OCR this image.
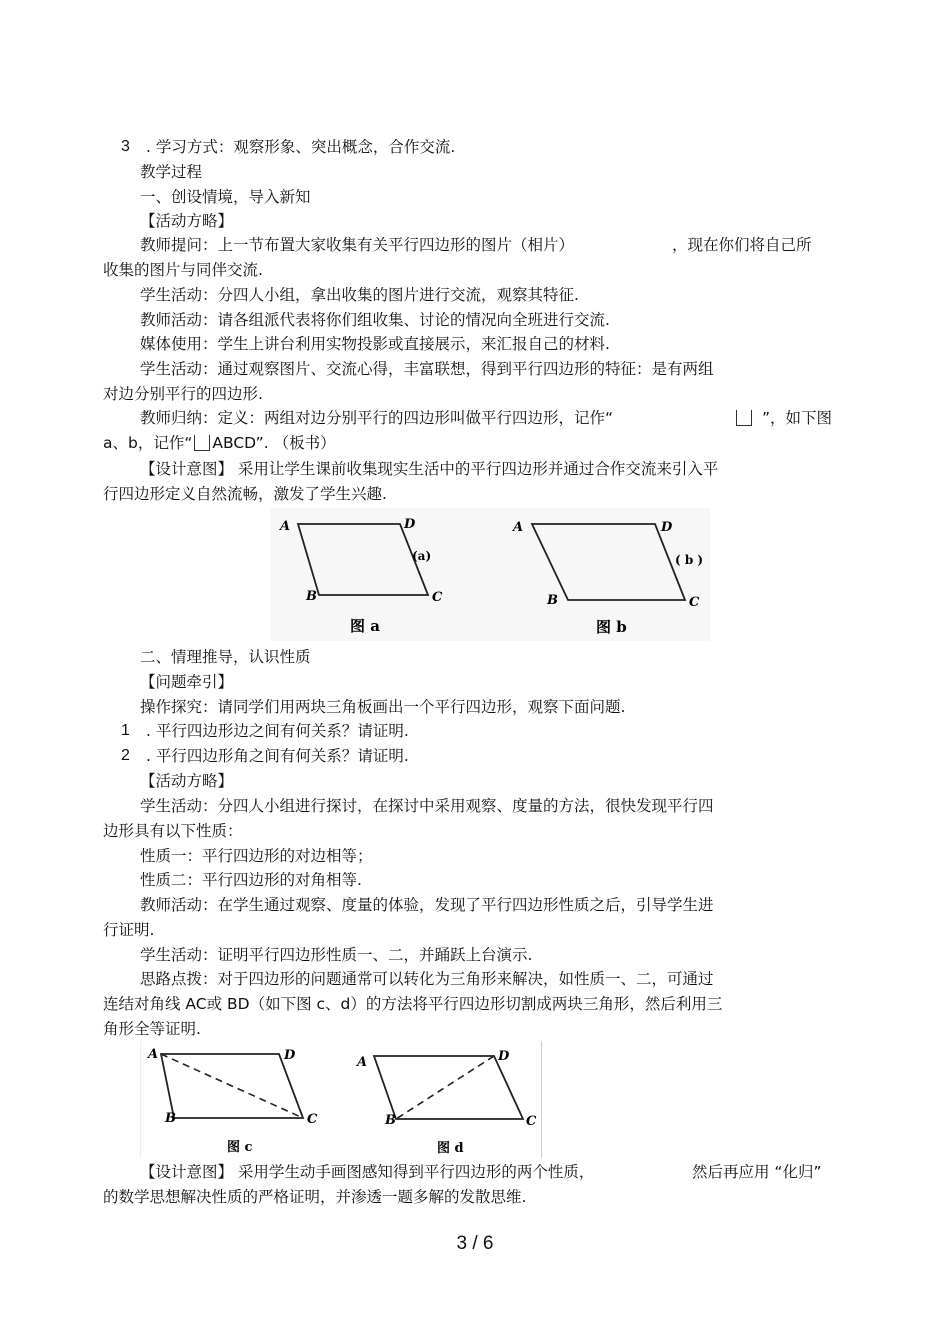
3 . 学习方式：观察形象、突出概念，合作交流.
教学过程
一、创设情境，导入新知
【活动方略】
教师提问：上一节布置大家收集有关平行四边形的图片（相片）	，现在你们将自己所
收集的图片与同伴交流.
学生活动：分四人小组，拿出收集的图片进行交流，观察其特征.
教师活动：请各组派代表将你们组收集、讨论的情况向全班进行交流.
媒体使用：学生上讲台利用实物投影或直接展示，来汇报自己的材料.
学生活动：通过观察图片、交流心得，丰富联想，得到平行四边形的特征：是有两组
对边分别平行的四边形.
教师归纳：定义：两组对边分别平行的四边形叫做平行四边形，记作“	”，如下图
a、b，记作“ ABCD”. （板书）
【设计意图】 采用让学生课前收集现实生活中的平行四边形并通过合作交流来引入平
行四边形定义自然流畅，激发了学生兴趣.
A	D
B	C
(a)
图 a
A	D
B	C
( b )
图 b
二、情理推导，认识性质
【问题牵引】
操作探究：请同学们用两块三角板画出一个平行四边形，观察下面问题.
1 . 平行四边形边之间有何关系？请证明.
2 . 平行四边形角之间有何关系？请证明.
【活动方略】
学生活动：分四人小组进行探讨，在探讨中采用观察、度量的方法，很快发现平行四
边形具有以下性质：
性质一：平行四边形的对边相等；
性质二：平行四边形的对角相等.
教师活动：在学生通过观察、度量的体验，发现了平行四边形性质之后，引导学生进
行证明.
学生活动：证明平行四边形性质一、二，并踊跃上台演示.
思路点拨：对于四边形的问题通常可以转化为三角形来解决，如性质一、二，可通过
连结对角线 AC或 BD（如下图 c、d）的方法将平行四边形切割成两块三角形，然后利用三
角形全等证明.
A	D
B	C
图 c
A	D
B	C
图 d
【设计意图】 采用学生动手画图感知得到平行四边形的两个性质，	然后再应用 “化归”
的数学思想解决性质的严格证明，并渗透一题多解的发散思维.
3 / 6
